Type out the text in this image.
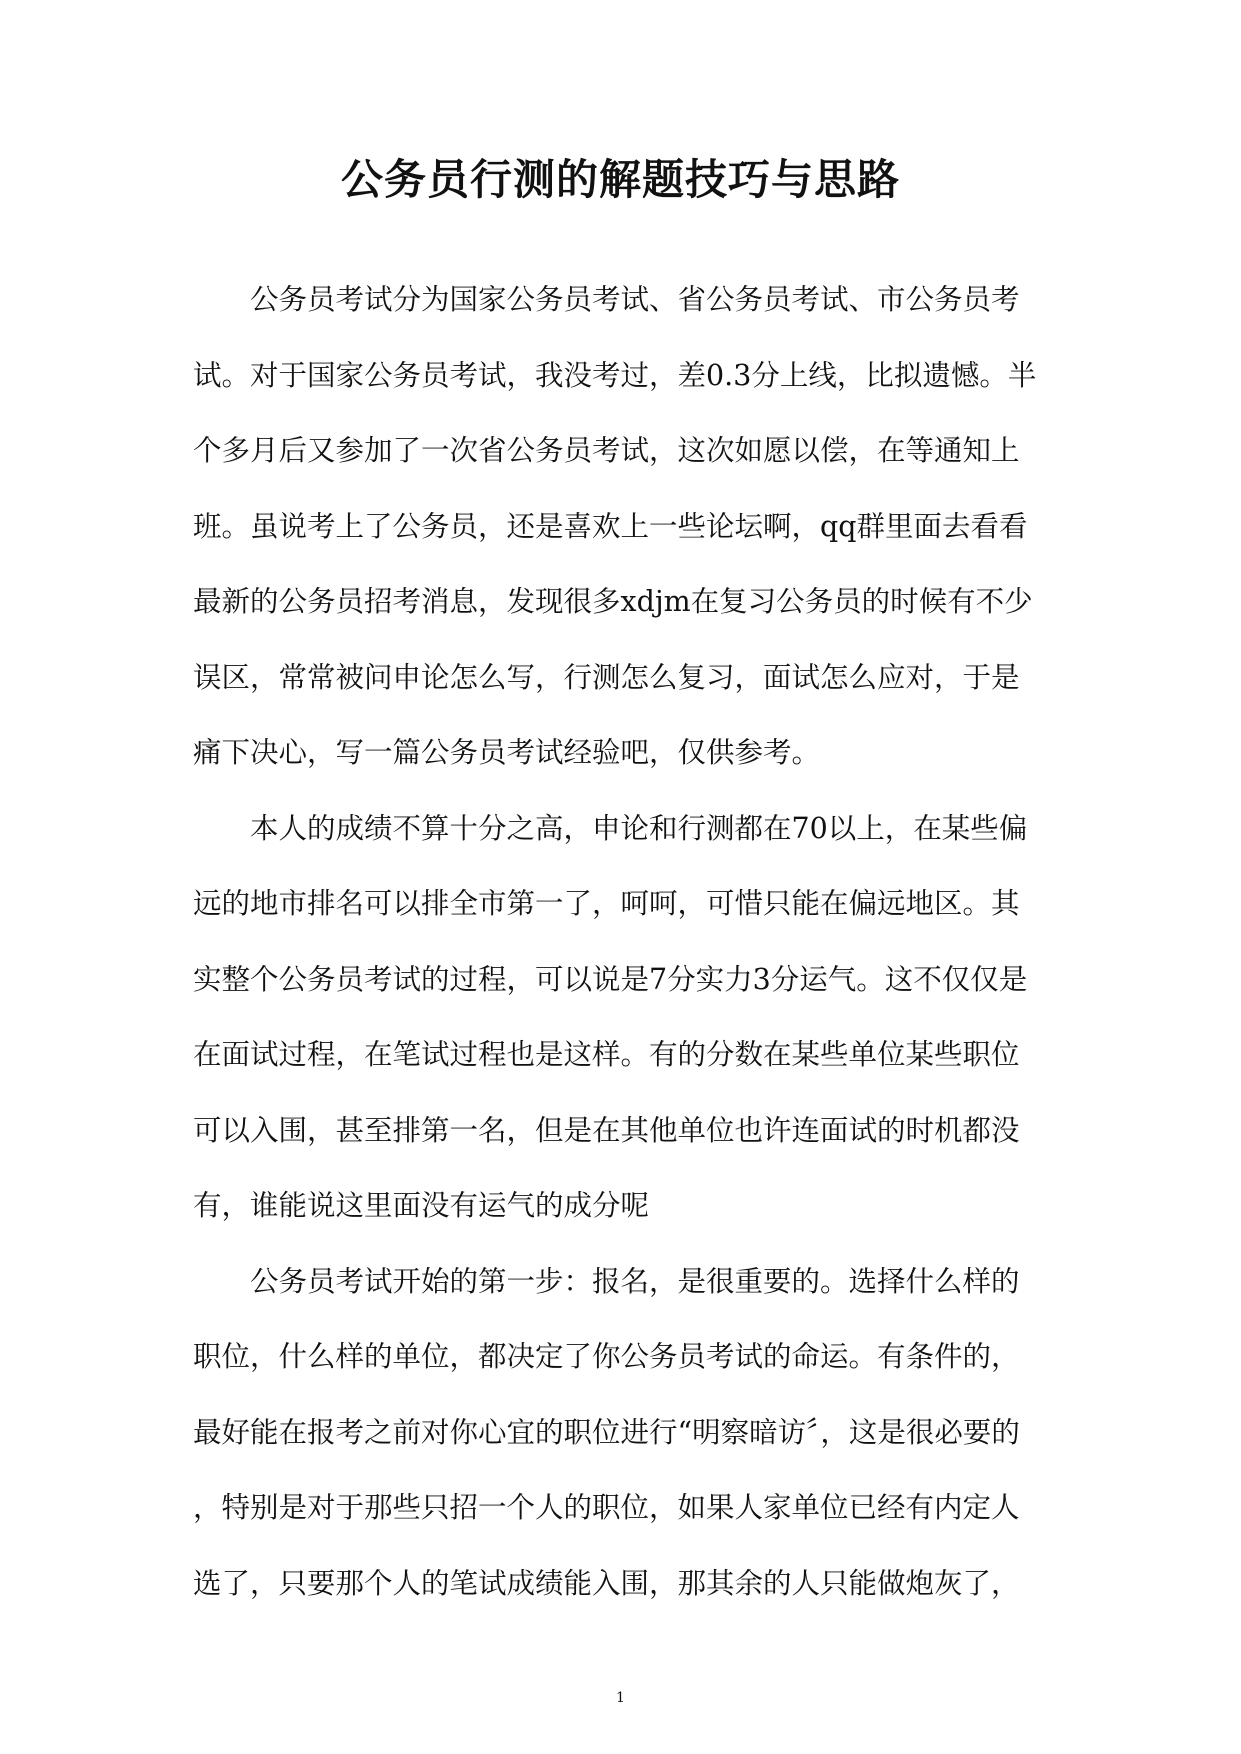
公务员行测的解题技巧与思路

公务员考试分为国家公务员考试、省公务员考试、市公务员考
试。对于国家公务员考试，我没考过，差0.3分上线，比拟遗憾。半
个多月后又参加了一次省公务员考试，这次如愿以偿，在等通知上
班。虽说考上了公务员，还是喜欢上一些论坛啊，qq群里面去看看
最新的公务员招考消息，发现很多xdjm在复习公务员的时候有不少
误区，常常被问申论怎么写，行测怎么复习，面试怎么应对，于是
痛下决心，写一篇公务员考试经验吧，仅供参考。

本人的成绩不算十分之高，申论和行测都在70以上，在某些偏
远的地市排名可以排全市第一了，呵呵，可惜只能在偏远地区。其
实整个公务员考试的过程，可以说是7分实力3分运气。这不仅仅是
在面试过程，在笔试过程也是这样。有的分数在某些单位某些职位
可以入围，甚至排第一名，但是在其他单位也许连面试的时机都没
有，谁能说这里面没有运气的成分呢

公务员考试开始的第一步：报名，是很重要的。选择什么样的
职位，什么样的单位，都决定了你公务员考试的命运。有条件的，
最好能在报考之前对你心宜的职位进行“明察暗访〞，这是很必要的
，特别是对于那些只招一个人的职位，如果人家单位已经有内定人
选了，只要那个人的笔试成绩能入围，那其余的人只能做炮灰了，

1
